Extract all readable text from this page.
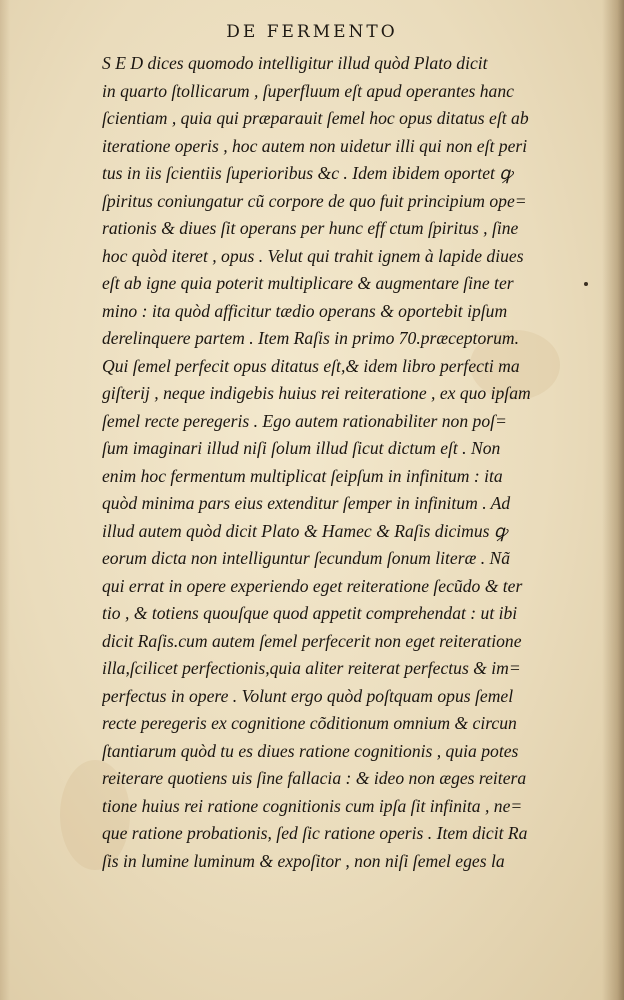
DE FERMENTO
S E D dices quomodo intelligitur illud quòd Plato dicit
in quarto ſtollicarum , ſuperfluum eſt apud operantes hanc
ſcientiam , quia qui præparauit ſemel hoc opus ditatus eſt ab
iteratione operis , hoc autem non uidetur illi qui non eſt peri
tus in iis ſcientiis ſuperioribus &c . Idem ibidem oportet ꝙ
ſpiritus coniungatur cũ corpore de quo fuit principium ope=
rationis & diues ſit operans per hunc eff ctum ſpiritus , ſine
hoc quòd iteret , opus . Velut qui trahit ignem à lapide diues
eſt ab igne quia poterit multiplicare & augmentare ſine ter
mino : ita quòd afficitur tædio operans & oportebit ipſum
derelinquere partem . Item Raſis in primo 70.præceptorum.
Qui ſemel perfecit opus ditatus eſt,& idem libro perfecti ma
giſterij , neque indigebis huius rei reiteratione , ex quo ipſam
ſemel recte peregeris . Ego autem rationabiliter non poſ=
ſum imaginari illud niſi ſolum illud ſicut dictum eſt . Non
enim hoc fermentum multiplicat ſeipſum in infinitum : ita
quòd minima pars eius extenditur ſemper in infinitum . Ad
illud autem quòd dicit Plato & Hamec & Raſis dicimus ꝙ
eorum dicta non intelliguntur ſecundum ſonum literæ . Nã
qui errat in opere experiendo eget reiteratione ſecũdo & ter
tio , & totiens quouſque quod appetit comprehendat : ut ibi
dicit Raſis.cum autem ſemel perfecerit non eget reiteratione
illa,ſcilicet perfectionis,quia aliter reiterat perfectus & im=
perfectus in opere . Volunt ergo quòd poſtquam opus ſemel
recte peregeris ex cognitione cõditionum omnium & circun
ſtantiarum quòd tu es diues ratione cognitionis , quia potes
reiterare quotiens uis ſine fallacia : & ideo non æges reitera
tione huius rei ratione cognitionis cum ipſa ſit infinita , ne=
que ratione probationis, ſed ſic ratione operis . Item dicit Ra
ſis in lumine luminum & expoſitor , non niſi ſemel eges la
